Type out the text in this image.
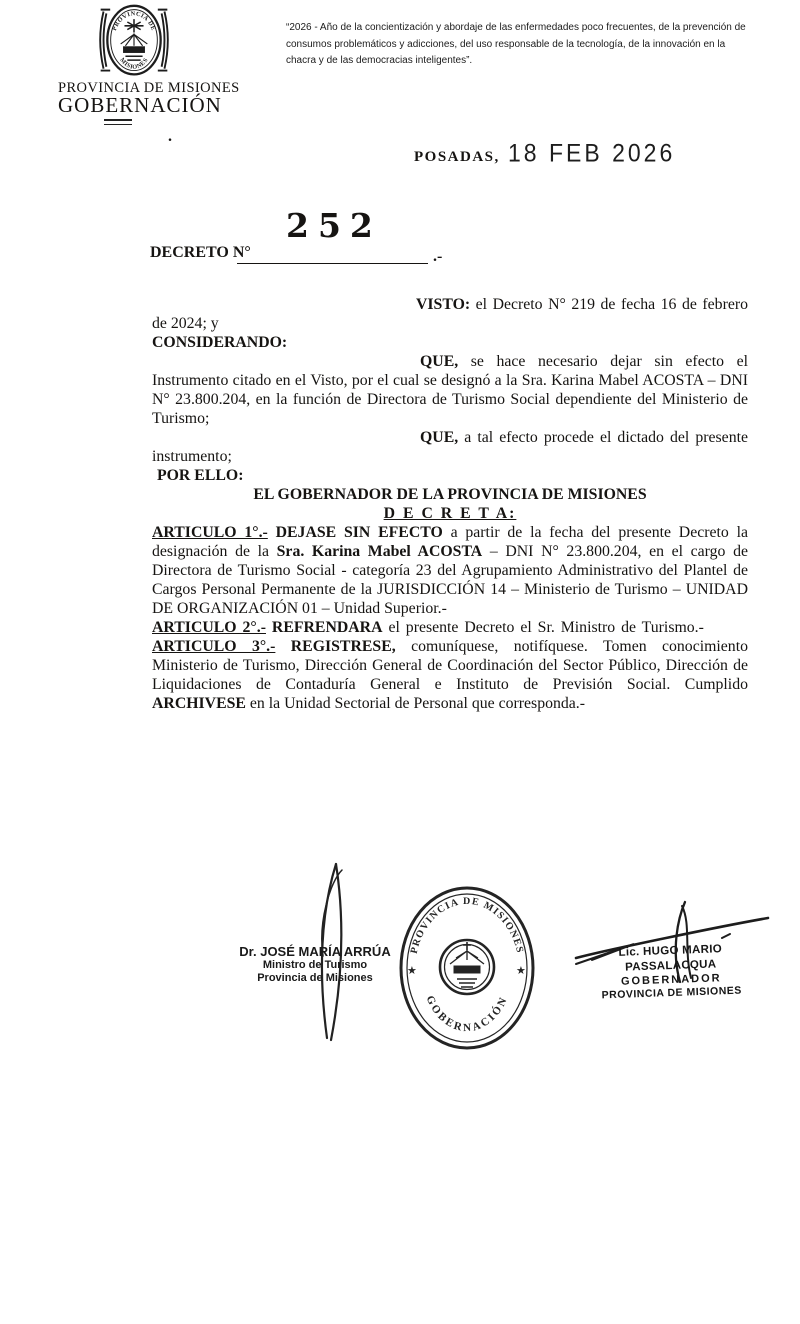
PROVINCIA DE
MISIONES
PROVINCIA DE MISIONES
GOBERNACIÓN
“2026 - Año de la concientización y abordaje de las enfermedades poco frecuentes, de la prevención de consumos problemáticos y adicciones, del uso responsable de la tecnología, de la innovación en la chacra y de las democracias inteligentes”.
.
POSADAS, 18 FEB 2026
252
DECRETO N°	.-

VISTO: el Decreto N° 219 de fecha 16 de febrero de 2024; y

CONSIDERANDO:

QUE, se hace necesario dejar sin efecto el Instrumento citado en el Visto, por el cual se designó a la Sra. Karina Mabel ACOSTA – DNI N° 23.800.204, en la función de Directora de Turismo Social dependiente del Ministerio de Turismo;

QUE, a tal efecto procede el dictado del presente instrumento;

POR ELLO:

EL GOBERNADOR DE LA PROVINCIA DE MISIONES

D E C R E T A:

ARTICULO 1°.- DEJASE SIN EFECTO a partir de la fecha del presente Decreto la designación de la Sra. Karina Mabel ACOSTA – DNI N° 23.800.204, en el cargo de Directora de Turismo Social - categoría 23 del Agrupamiento Administrativo del Plantel de Cargos Personal Permanente de la JURISDICCIÓN 14 – Ministerio de Turismo – UNIDAD DE ORGANIZACIÓN 01 – Unidad Superior.-

ARTICULO 2°.- REFRENDARA el presente Decreto el Sr. Ministro de Turismo.-

ARTICULO 3°.- REGISTRESE, comuníquese, notifíquese. Tomen conocimiento Ministerio de Turismo, Dirección General de Coordinación del Sector Público, Dirección de Liquidaciones de Contaduría General e Instituto de Previsión Social. Cumplido ARCHIVESE en la Unidad Sectorial de Personal que corresponda.-

Dr. JOSÉ MARÍA ARRÚA
Ministro de Turismo
Provincia de Misiones
PROVINCIA DE MISIONES
GOBERNACIÓN
★	★
Lic. HUGO MARIO PASSALACQUA
GOBERNADOR
PROVINCIA DE MISIONES
